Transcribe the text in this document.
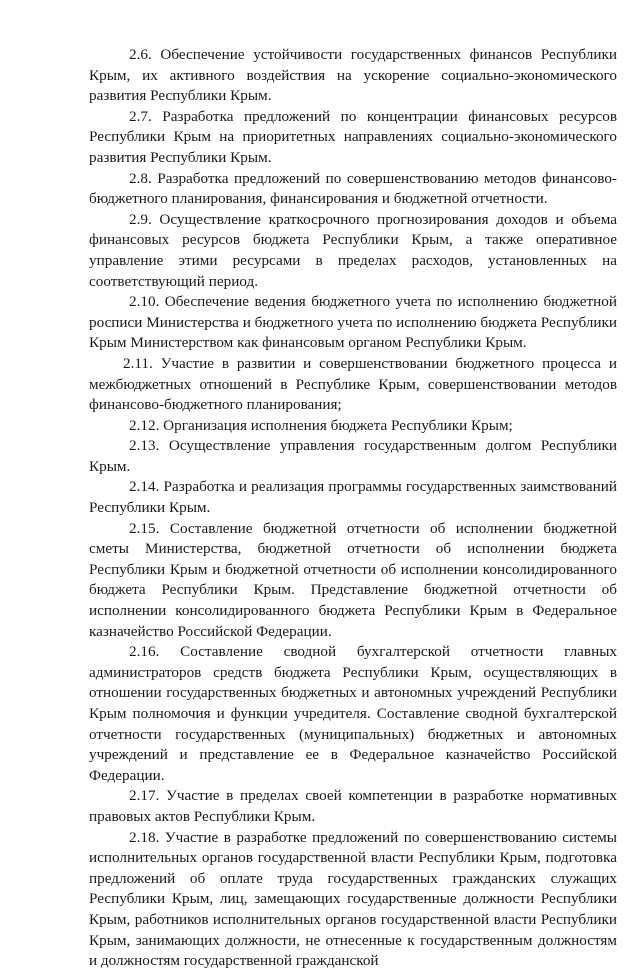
2.6. Обеспечение устойчивости государственных финансов Республики Крым, их активного воздействия на ускорение социально-экономического развития Республики Крым.

2.7. Разработка предложений по концентрации финансовых ресурсов Республики Крым на приоритетных направлениях социально-экономического развития Республики Крым.

2.8. Разработка предложений по совершенствованию методов финансово-бюджетного планирования, финансирования и бюджетной отчетности.

2.9. Осуществление краткосрочного прогнозирования доходов и объема финансовых ресурсов бюджета Республики Крым, а также оперативное управление этими ресурсами в пределах расходов, установленных на соответствующий период.

2.10. Обеспечение ведения бюджетного учета по исполнению бюджетной росписи Министерства и бюджетного учета по исполнению бюджета Республики Крым Министерством как финансовым органом Республики Крым.

2.11. Участие в развитии и совершенствовании бюджетного процесса и межбюджетных отношений в Республике Крым, совершенствовании методов финансово-бюджетного планирования;

2.12. Организация исполнения бюджета Республики Крым;

2.13. Осуществление управления государственным долгом Республики Крым.

2.14. Разработка и реализация программы государственных заимствований Республики Крым.

2.15. Составление бюджетной отчетности об исполнении бюджетной сметы Министерства, бюджетной отчетности об исполнении бюджета Республики Крым и бюджетной отчетности об исполнении консолидированного бюджета Республики Крым. Представление бюджетной отчетности об исполнении консолидированного бюджета Республики Крым в Федеральное казначейство Российской Федерации.

2.16. Составление сводной бухгалтерской отчетности главных администраторов средств бюджета Республики Крым, осуществляющих в отношении государственных бюджетных и автономных учреждений Республики Крым полномочия и функции учредителя. Составление сводной бухгалтерской отчетности государственных (муниципальных) бюджетных и автономных учреждений и представление ее в Федеральное казначейство Российской Федерации.

2.17. Участие в пределах своей компетенции в разработке нормативных правовых актов Республики Крым.

2.18. Участие в разработке предложений по совершенствованию системы исполнительных органов государственной власти Республики Крым, подготовка предложений об оплате труда государственных гражданских служащих Республики Крым, лиц, замещающих государственные должности Республики Крым, работников исполнительных органов государственной власти Республики Крым, занимающих должности, не отнесенные к государственным должностям и должностям государственной гражданской
